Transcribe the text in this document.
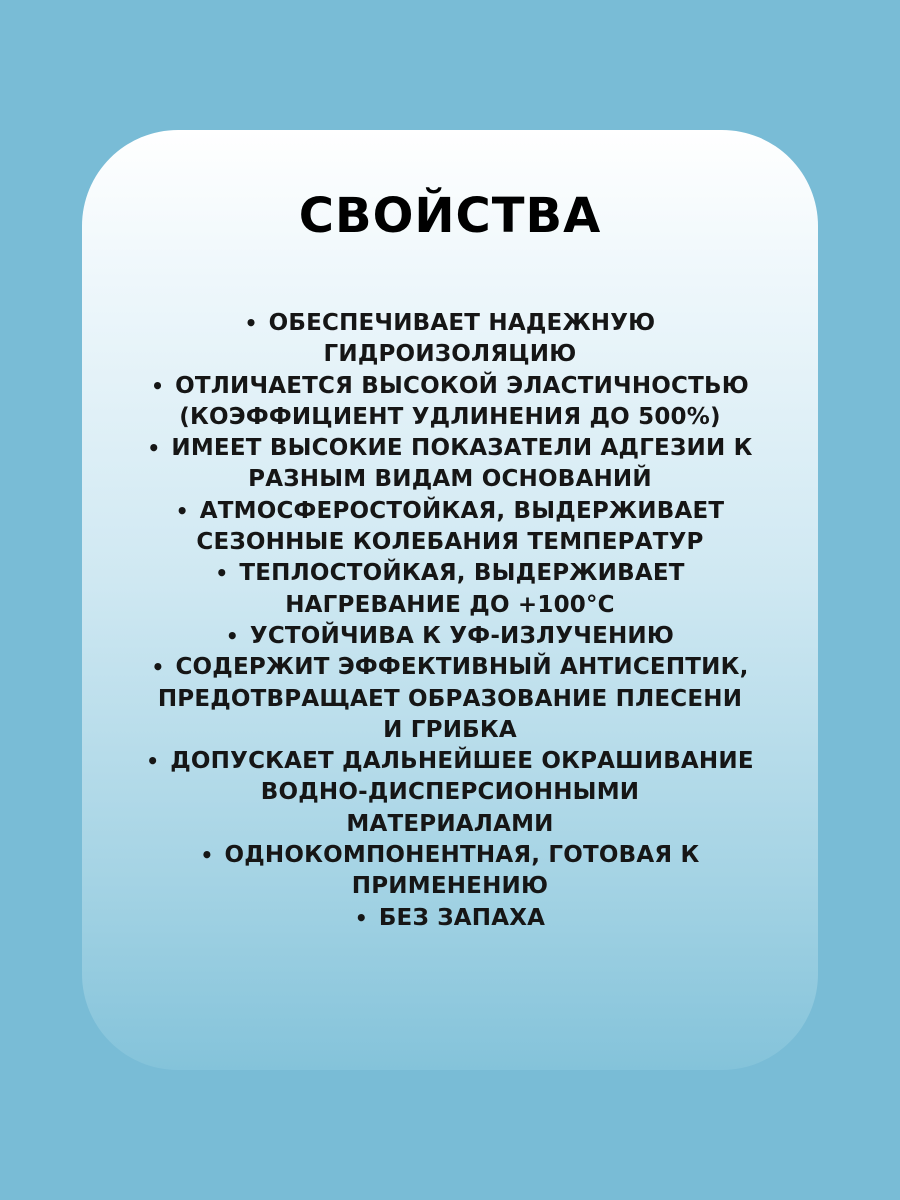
СВОЙСТВА
• ОБЕСПЕЧИВАЕТ НАДЕЖНУЮ
ГИДРОИЗОЛЯЦИЮ
• ОТЛИЧАЕТСЯ ВЫСОКОЙ ЭЛАСТИЧНОСТЬЮ
(КОЭФФИЦИЕНТ УДЛИНЕНИЯ ДО 500%)
• ИМЕЕТ ВЫСОКИЕ ПОКАЗАТЕЛИ АДГЕЗИИ К
РАЗНЫМ ВИДАМ ОСНОВАНИЙ
• АТМОСФЕРОСТОЙКАЯ, ВЫДЕРЖИВАЕТ
СЕЗОННЫЕ КОЛЕБАНИЯ ТЕМПЕРАТУР
• ТЕПЛОСТОЙКАЯ, ВЫДЕРЖИВАЕТ
НАГРЕВАНИЕ ДО +100°С
• УСТОЙЧИВА К УФ-ИЗЛУЧЕНИЮ
• СОДЕРЖИТ ЭФФЕКТИВНЫЙ АНТИСЕПТИК,
ПРЕДОТВРАЩАЕТ ОБРАЗОВАНИЕ ПЛЕСЕНИ
И ГРИБКА
• ДОПУСКАЕТ ДАЛЬНЕЙШЕЕ ОКРАШИВАНИЕ
ВОДНО-ДИСПЕРСИОННЫМИ
МАТЕРИАЛАМИ
• ОДНОКОМПОНЕНТНАЯ, ГОТОВАЯ К
ПРИМЕНЕНИЮ
• БЕЗ ЗАПАХА
